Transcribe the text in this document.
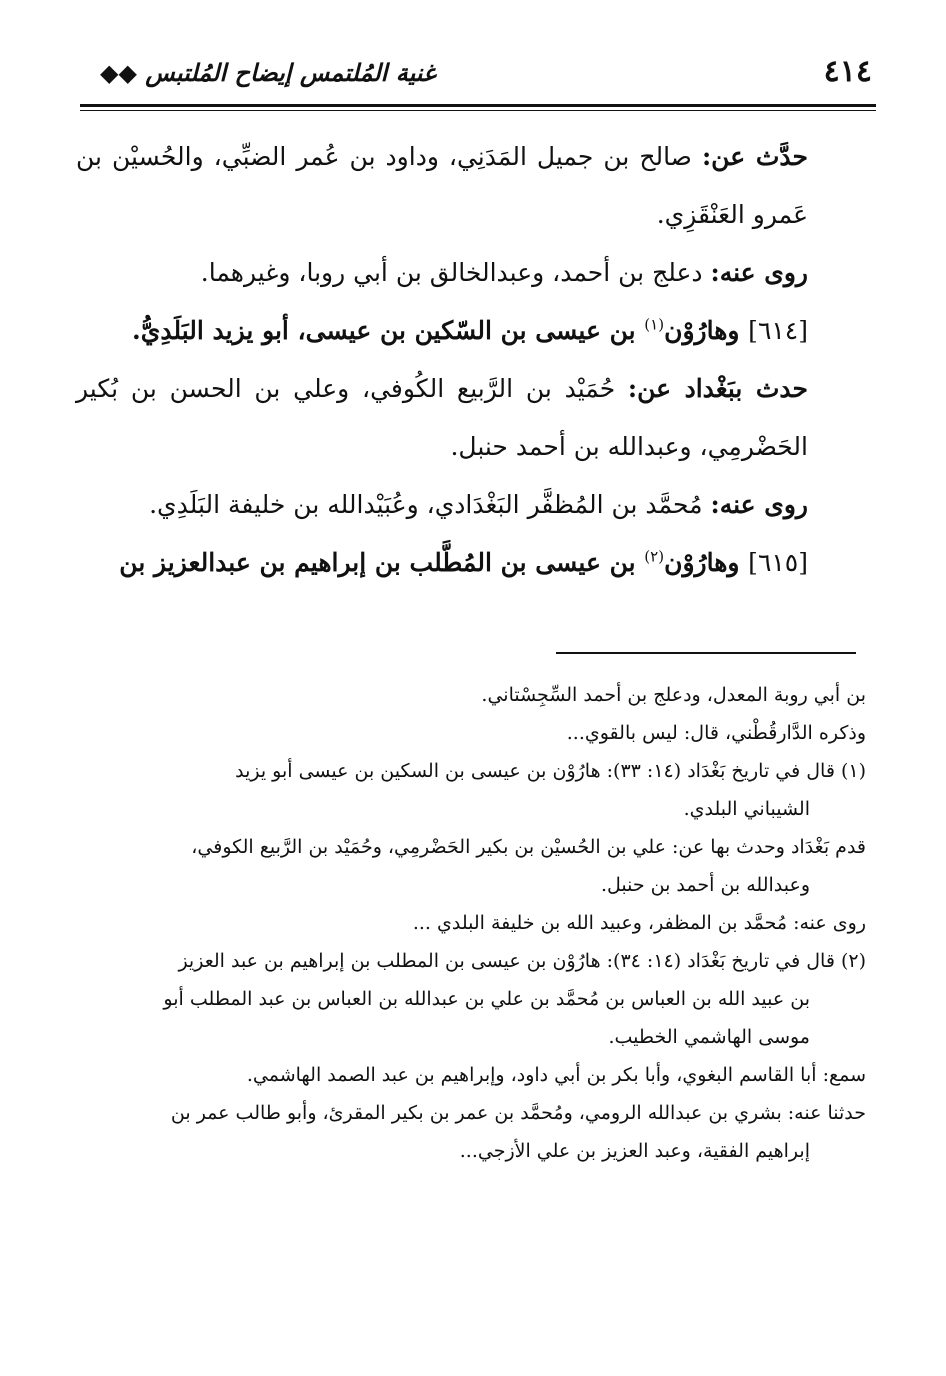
٤١٤
غنية المُلتمس إيضاح المُلتبس ◆◆

حدَّث عن: صالح بن جميل المَدَنِي، وداود بن عُمر الضبِّي، والحُسيْن بن عَمرو العَنْقَزِي.

روى عنه: دعلج بن أحمد، وعبدالخالق بن أبي روبا، وغيرهما.

[٦١٤] وهارُوْن$^{(١)}$ بن عيسى بن السّكين بن عيسى، أبو يزيد البَلَدِيُّ.

حدث ببَغْداد عن: حُمَيْد بن الرَّبيع الكُوفي، وعلي بن الحسن بن بُكير الحَضْرمِي، وعبدالله بن أحمد حنبل.

روى عنه: مُحمَّد بن المُظفَّر البَغْدَادي، وعُبَيْدالله بن خليفة البَلَدِي.

[٦١٥] وهارُوْن$^{(٢)}$ بن عيسى بن المُطَّلب بن إبراهيم بن عبدالعزيز بن

بن أبي روبة المعدل، ودعلج بن أحمد السِّجِسْتاني.

وذكره الدَّارقُطْني، قال: ليس بالقوي...

(١) قال في تاريخ بَغْدَاد (١٤: ٣٣): هارُوْن بن عيسى بن السكين بن عيسى أبو يزيد

الشيباني البلدي.

قدم بَغْدَاد وحدث بها عن: علي بن الحُسيْن بن بكير الحَضْرمِي، وحُمَيْد بن الرَّبيع الكوفي،

وعبدالله بن أحمد بن حنبل.

روى عنه: مُحمَّد بن المظفر، وعبيد الله بن خليفة البلدي ...

(٢) قال في تاريخ بَغْدَاد (١٤: ٣٤): هارُوْن بن عيسى بن المطلب بن إبراهيم بن عبد العزيز

بن عبيد الله بن العباس بن مُحمَّد بن علي بن عبدالله بن العباس بن عبد المطلب أبو

موسى الهاشمي الخطيب.

سمع: أبا القاسم البغوي، وأبا بكر بن أبي داود، وإبراهيم بن عبد الصمد الهاشمي.

حدثنا عنه: بشري بن عبدالله الرومي، ومُحمَّد بن عمر بن بكير المقرئ، وأبو طالب عمر بن

إبراهيم الفقية، وعبد العزيز بن علي الأزجي...
